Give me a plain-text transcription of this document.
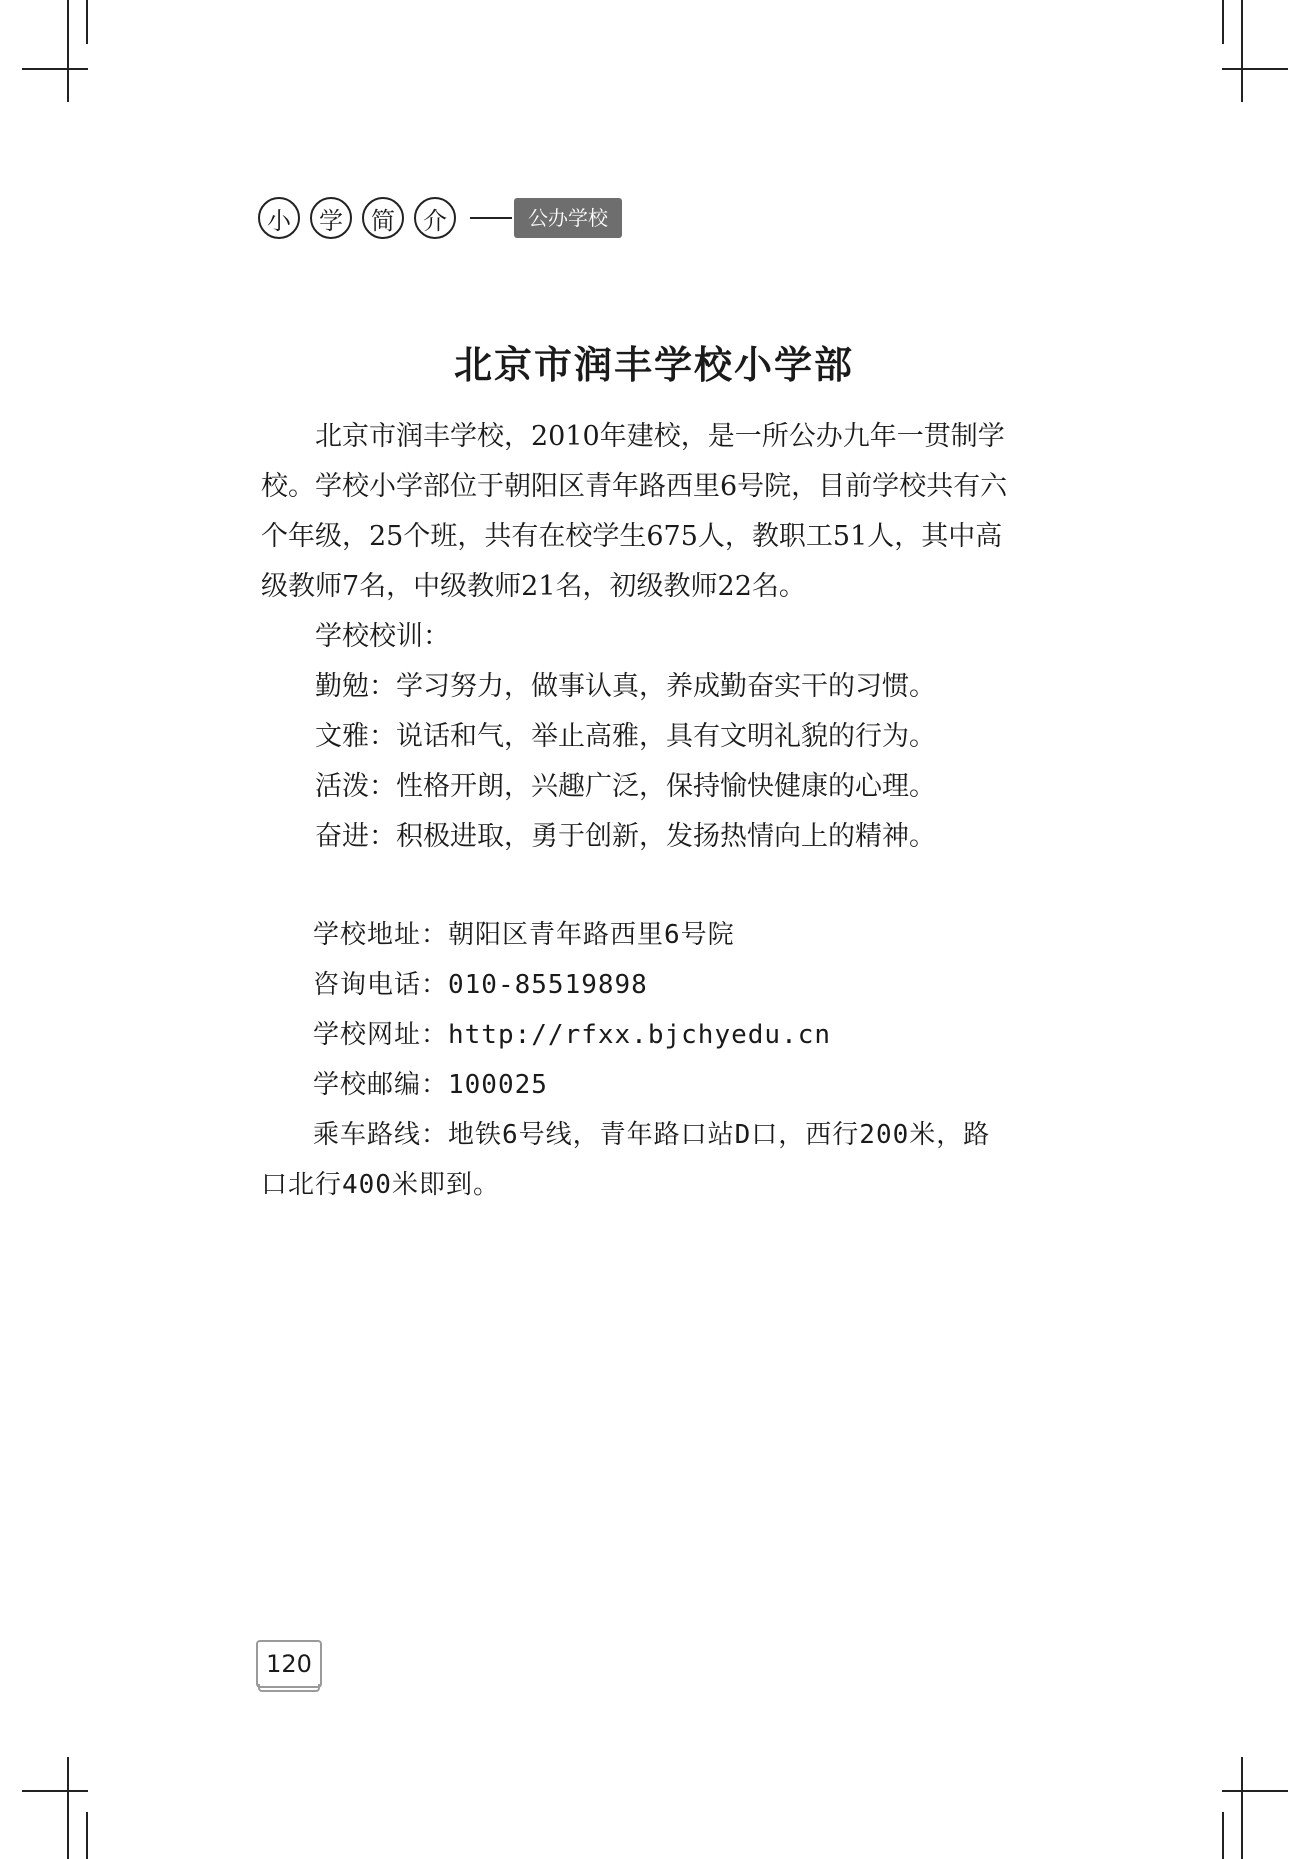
小	学	简	介	公办学校
北京市润丰学校小学部

北京市润丰学校，2010年建校，是一所公办九年一贯制学校。学校小学部位于朝阳区青年路西里6号院，目前学校共有六个年级，25个班，共有在校学生675人，教职工51人，其中高级教师7名，中级教师21名，初级教师22名。

学校校训：

勤勉：学习努力，做事认真，养成勤奋实干的习惯。

文雅：说话和气，举止高雅，具有文明礼貌的行为。

活泼：性格开朗，兴趣广泛，保持愉快健康的心理。

奋进：积极进取，勇于创新，发扬热情向上的精神。

学校地址：朝阳区青年路西里6号院

咨询电话：010-85519898

学校网址：http://rfxx.bjchyedu.cn

学校邮编：100025

乘车路线：地铁6号线，青年路口站D口，西行200米，路口北行400米即到。

120
